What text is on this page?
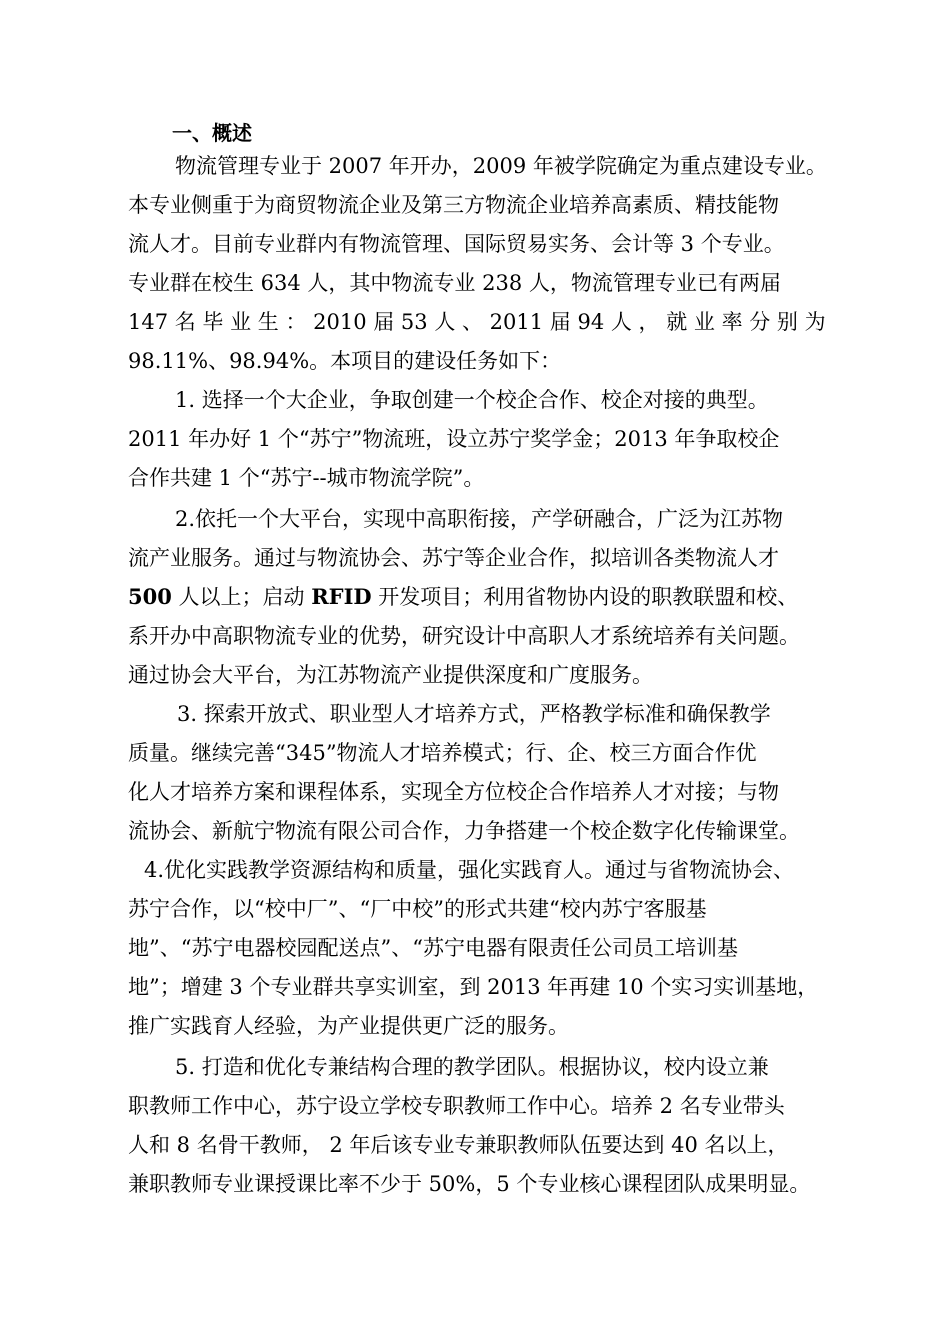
一、概述
物流管理专业于 2007 年开办，2009 年被学院确定为重点建设专业。
本专业侧重于为商贸物流企业及第三方物流企业培养高素质、精技能物
流人才。目前专业群内有物流管理、国际贸易实务、会计等 3 个专业。
专业群在校生 634 人，其中物流专业 238 人，物流管理专业已有两届
147 名 毕 业 生 ： 2010 届 53 人 、 2011 届 94 人 ， 就 业 率 分 别 为
98.11%、98.94%。本项目的建设任务如下：
1. 选择一个大企业，争取创建一个校企合作、校企对接的典型。
2011 年办好 1 个“苏宁”物流班，设立苏宁奖学金；2013 年争取校企
合作共建 1 个“苏宁--城市物流学院”。
2.依托一个大平台，实现中高职衔接，产学研融合，广泛为江苏物
流产业服务。通过与物流协会、苏宁等企业合作，拟培训各类物流人才
500 人以上；启动 RFID 开发项目；利用省物协内设的职教联盟和校、
系开办中高职物流专业的优势，研究设计中高职人才系统培养有关问题。
通过协会大平台，为江苏物流产业提供深度和广度服务。
3. 探索开放式、职业型人才培养方式，严格教学标准和确保教学
质量。继续完善“345”物流人才培养模式；行、企、校三方面合作优
化人才培养方案和课程体系，实现全方位校企合作培养人才对接；与物
流协会、新航宁物流有限公司合作，力争搭建一个校企数字化传输课堂。
4.优化实践教学资源结构和质量，强化实践育人。通过与省物流协会、
苏宁合作，以“校中厂”、“厂中校”的形式共建“校内苏宁客服基
地”、“苏宁电器校园配送点”、“苏宁电器有限责任公司员工培训基
地”；增建 3 个专业群共享实训室，到 2013 年再建 10 个实习实训基地，
推广实践育人经验，为产业提供更广泛的服务。
5. 打造和优化专兼结构合理的教学团队。根据协议，校内设立兼
职教师工作中心，苏宁设立学校专职教师工作中心。培养 2 名专业带头
人和 8 名骨干教师， 2 年后该专业专兼职教师队伍要达到 40 名以上，
兼职教师专业课授课比率不少于 50%，5 个专业核心课程团队成果明显。
